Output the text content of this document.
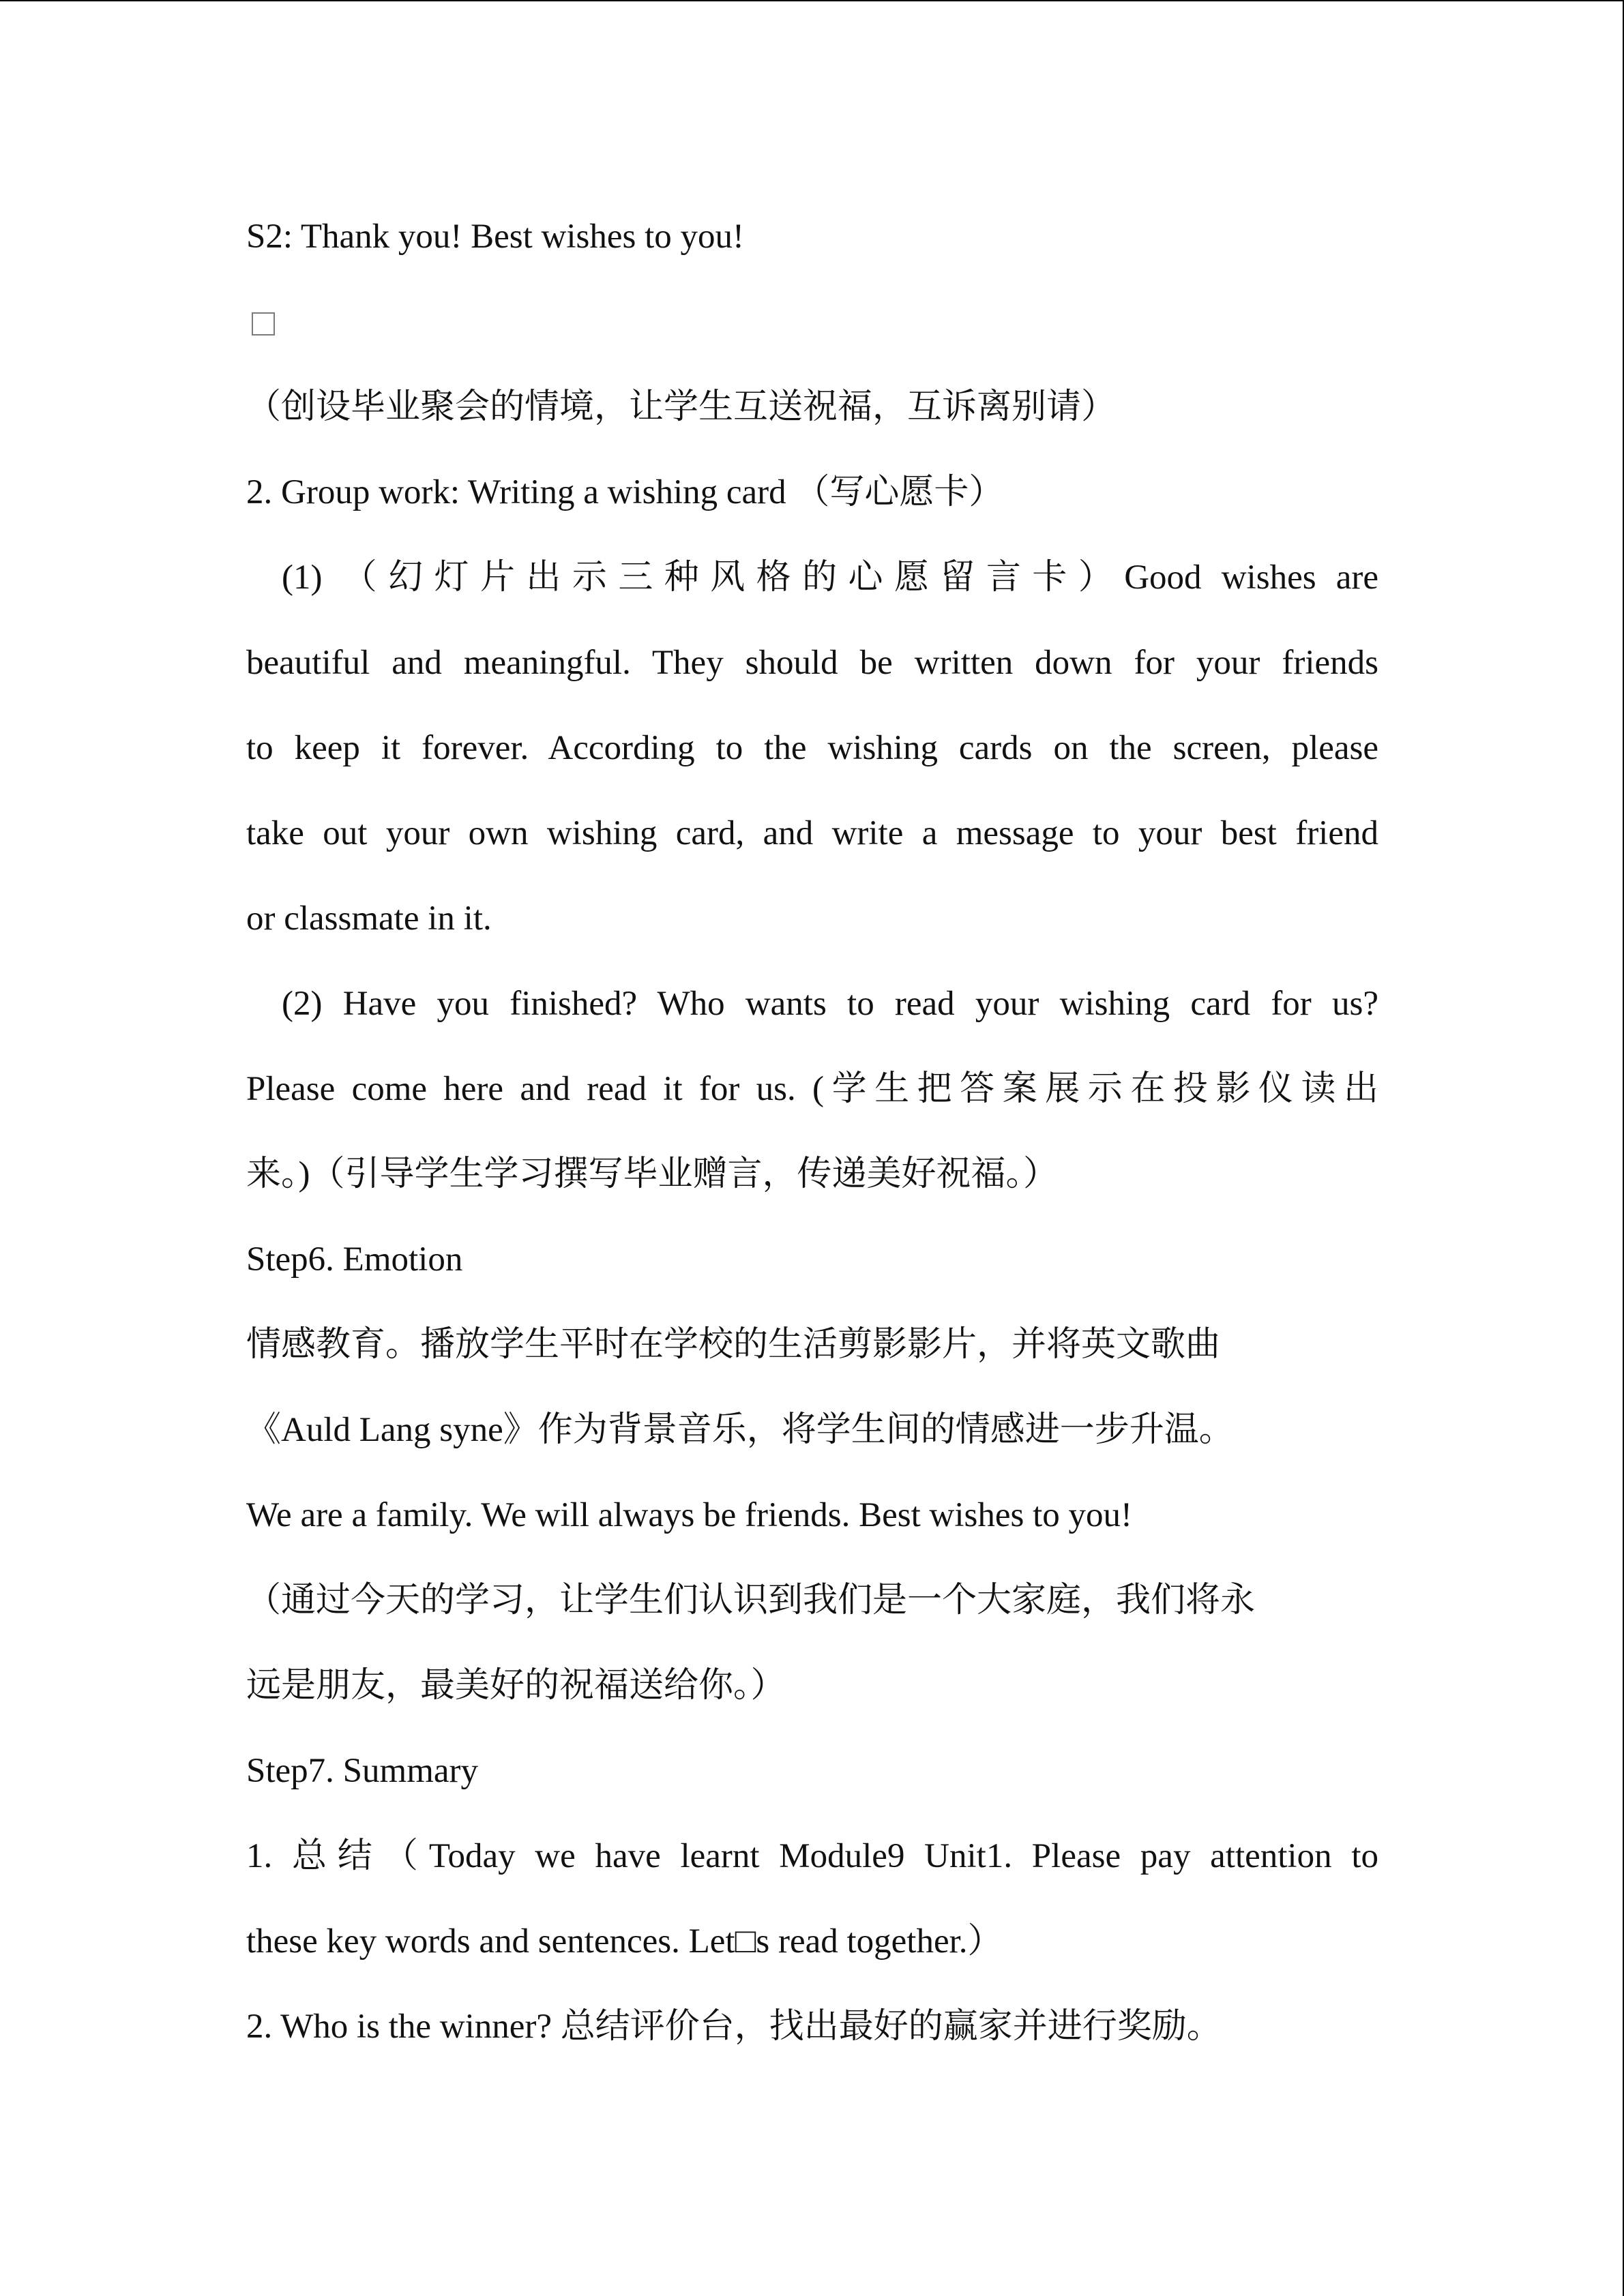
S2: Thank you! Best wishes to you!
（创设毕业聚会的情境，让学生互送祝福，互诉离别请）
2. Group work: Writing a wishing card （写心愿卡）
(1) （幻灯片出示三种风格的心愿留言卡）Good wishes are
beautiful and meaningful. They should be written down for your friends
to keep it forever. According to the wishing cards on the screen, please
take out your own wishing card, and write a message to your best friend
or classmate in it.
(2) Have you finished? Who wants to read your wishing card for us?
Please come here and read it for us. (学生把答案展示在投影仪读出
来。)（引导学生学习撰写毕业赠言，传递美好祝福。）
Step6. Emotion
情感教育。播放学生平时在学校的生活剪影影片，并将英文歌曲
《Auld Lang syne》作为背景音乐，将学生间的情感进一步升温。
We are a family. We will always be friends. Best wishes to you!
（通过今天的学习，让学生们认识到我们是一个大家庭，我们将永
远是朋友，最美好的祝福送给你。）
Step7. Summary
1. 总结（Today we have learnt Module9 Unit1. Please pay attention to
these key words and sentences. Let□s read together.）
2. Who is the winner? 总结评价台，找出最好的赢家并进行奖励。
